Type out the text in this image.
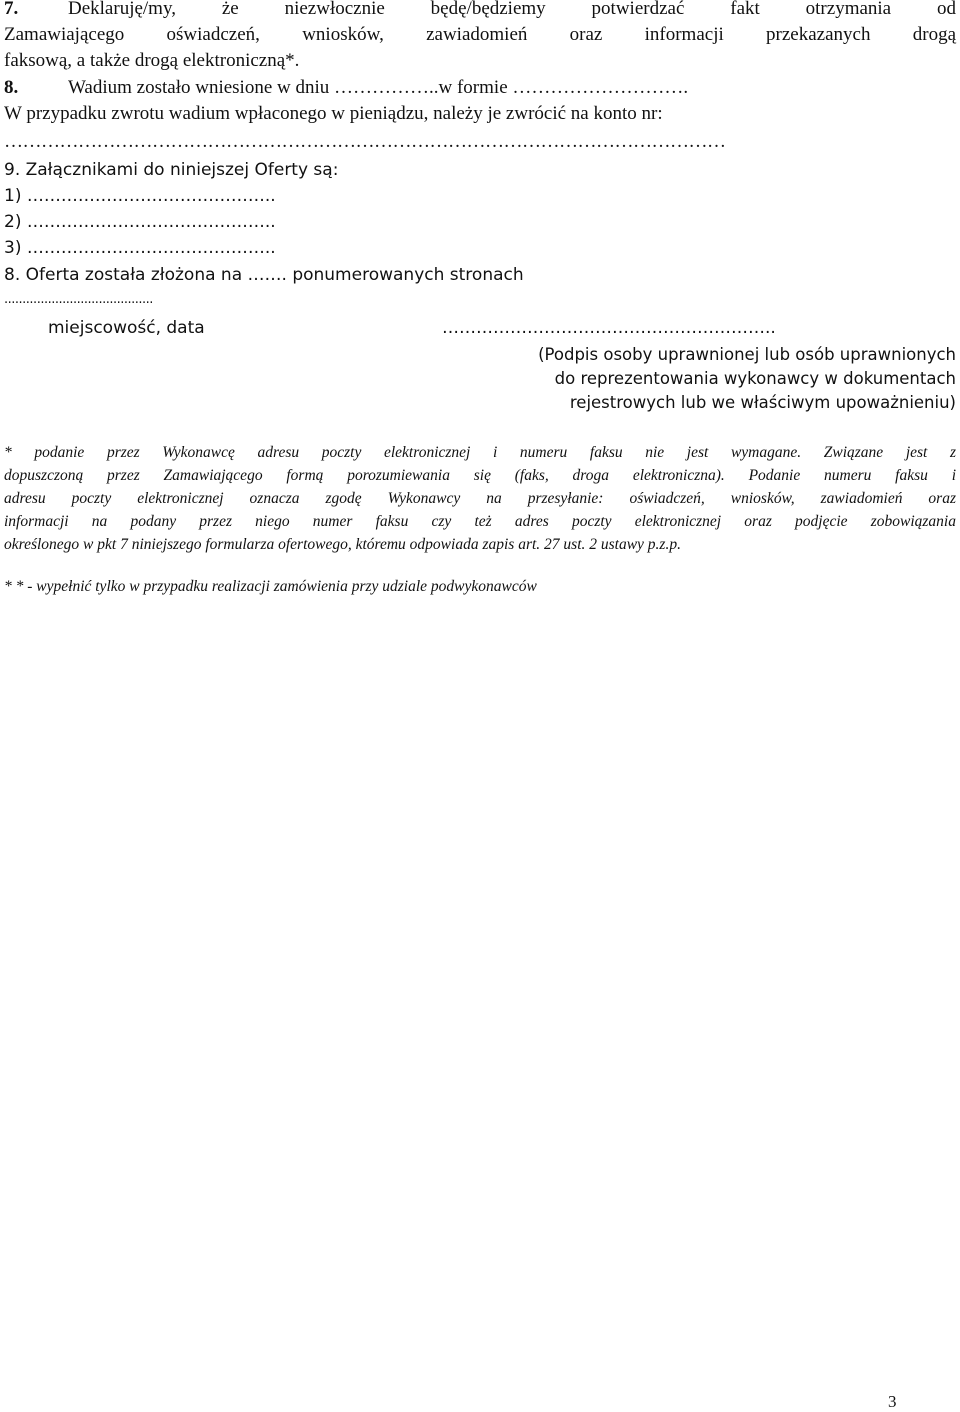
7.	Deklaruję/my, że niezwłocznie będę/będziemy potwierdzać fakt otrzymania od
Zamawiającego oświadczeń, wniosków, zawiadomień oraz informacji przekazanych drogą
faksową, a także drogą elektroniczną*.
8.	Wadium zostało wniesione w dniu ……………..w formie ……………………….
W przypadku zwrotu wadium wpłaconego w pieniądzu, należy je zwrócić na konto nr:
………………………………………………………………………………………………………
9. Załącznikami do niniejszej Oferty są:
1) ……………………………………..
2) ……………………………………..
3) ……………………………………..
8. Oferta została złożona na ……. ponumerowanych stronach
.........................................
miejscowość, data	…………………………………………………..
(Podpis osoby uprawnionej lub osób uprawnionych
do reprezentowania wykonawcy w dokumentach
rejestrowych lub we właściwym upoważnieniu)

* podanie przez Wykonawcę adresu poczty elektronicznej i numeru faksu nie jest wymagane. Związane jest z

dopuszczoną przez Zamawiającego formą porozumiewania się (faks, droga elektroniczna). Podanie numeru faksu i

adresu poczty elektronicznej oznacza zgodę Wykonawcy na przesyłanie: oświadczeń, wniosków, zawiadomień oraz

informacji na podany przez niego numer faksu czy też adres poczty elektronicznej oraz podjęcie zobowiązania

określonego w pkt 7 niniejszego formularza ofertowego, któremu odpowiada zapis art. 27 ust. 2 ustawy p.z.p.

* * - wypełnić tylko w przypadku realizacji zamówienia przy udziale podwykonawców

3
